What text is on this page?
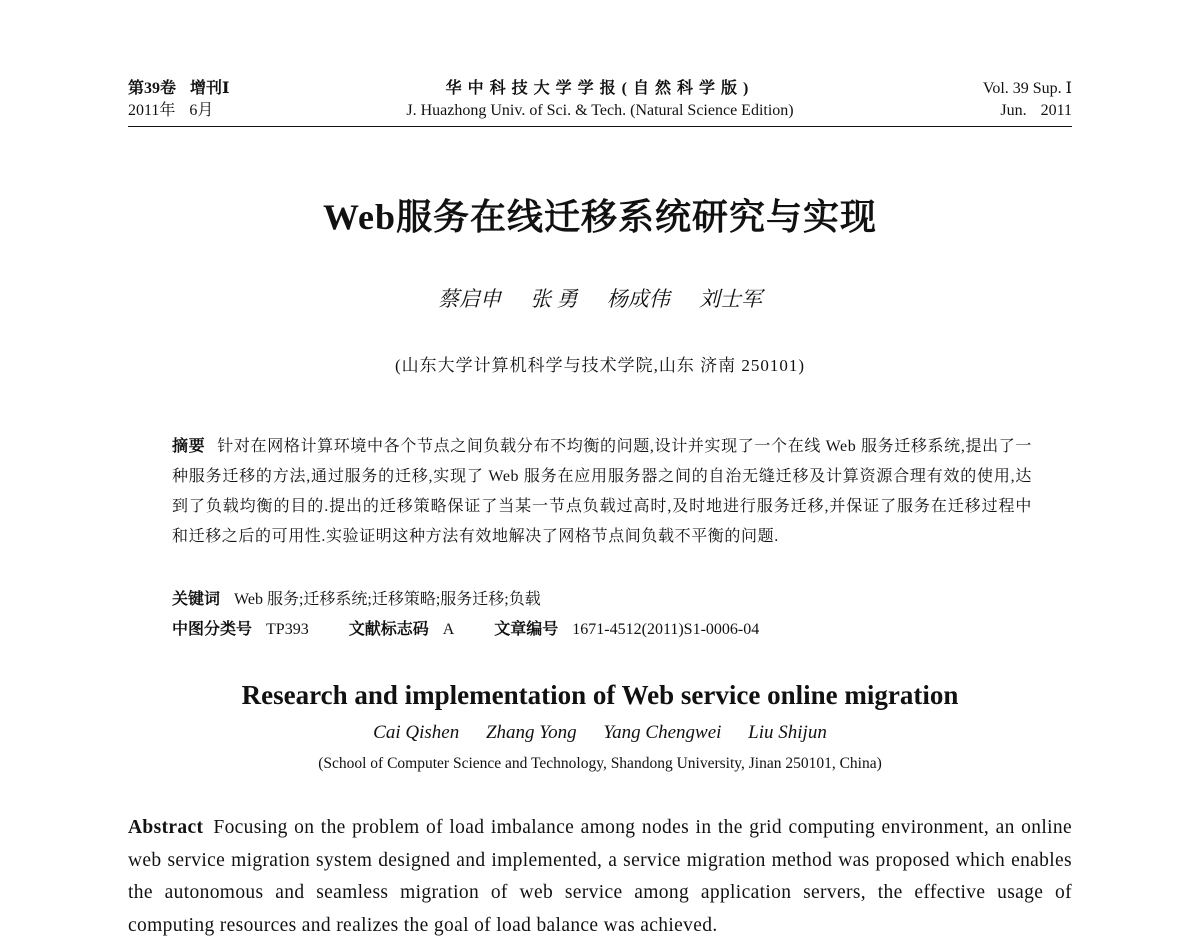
第39卷 增刊Ⅰ
2011年 6月
华中科技大学学报(自然科学版)
J. Huazhong Univ. of Sci. & Tech. (Natural Science Edition)
Vol. 39 Sup. Ⅰ
Jun. 2011
Web服务在线迁移系统研究与实现
蔡启申 张 勇 杨成伟 刘士军
(山东大学计算机科学与技术学院,山东 济南 250101)
摘要 针对在网格计算环境中各个节点之间负载分布不均衡的问题,设计并实现了一个在线 Web 服务迁移系统,提出了一种服务迁移的方法,通过服务的迁移,实现了 Web 服务在应用服务器之间的自治无缝迁移及计算资源合理有效的使用,达到了负载均衡的目的.提出的迁移策略保证了当某一节点负载过高时,及时地进行服务迁移,并保证了服务在迁移过程中和迁移之后的可用性.实验证明这种方法有效地解决了网格节点间负载不平衡的问题.
关键词 Web 服务;迁移系统;迁移策略;服务迁移;负载
中图分类号 TP393	文献标志码 A	文章编号 1671-4512(2011)S1-0006-04
Research and implementation of Web service online migration
Cai Qishen Zhang Yong Yang Chengwei Liu Shijun
(School of Computer Science and Technology, Shandong University, Jinan 250101, China)
Abstract Focusing on the problem of load imbalance among nodes in the grid computing environment, an online web service migration system designed and implemented, a service migration method was proposed which enables the autonomous and seamless migration of web service among application servers, the effective usage of computing resources and realizes the goal of load balance was achieved.
